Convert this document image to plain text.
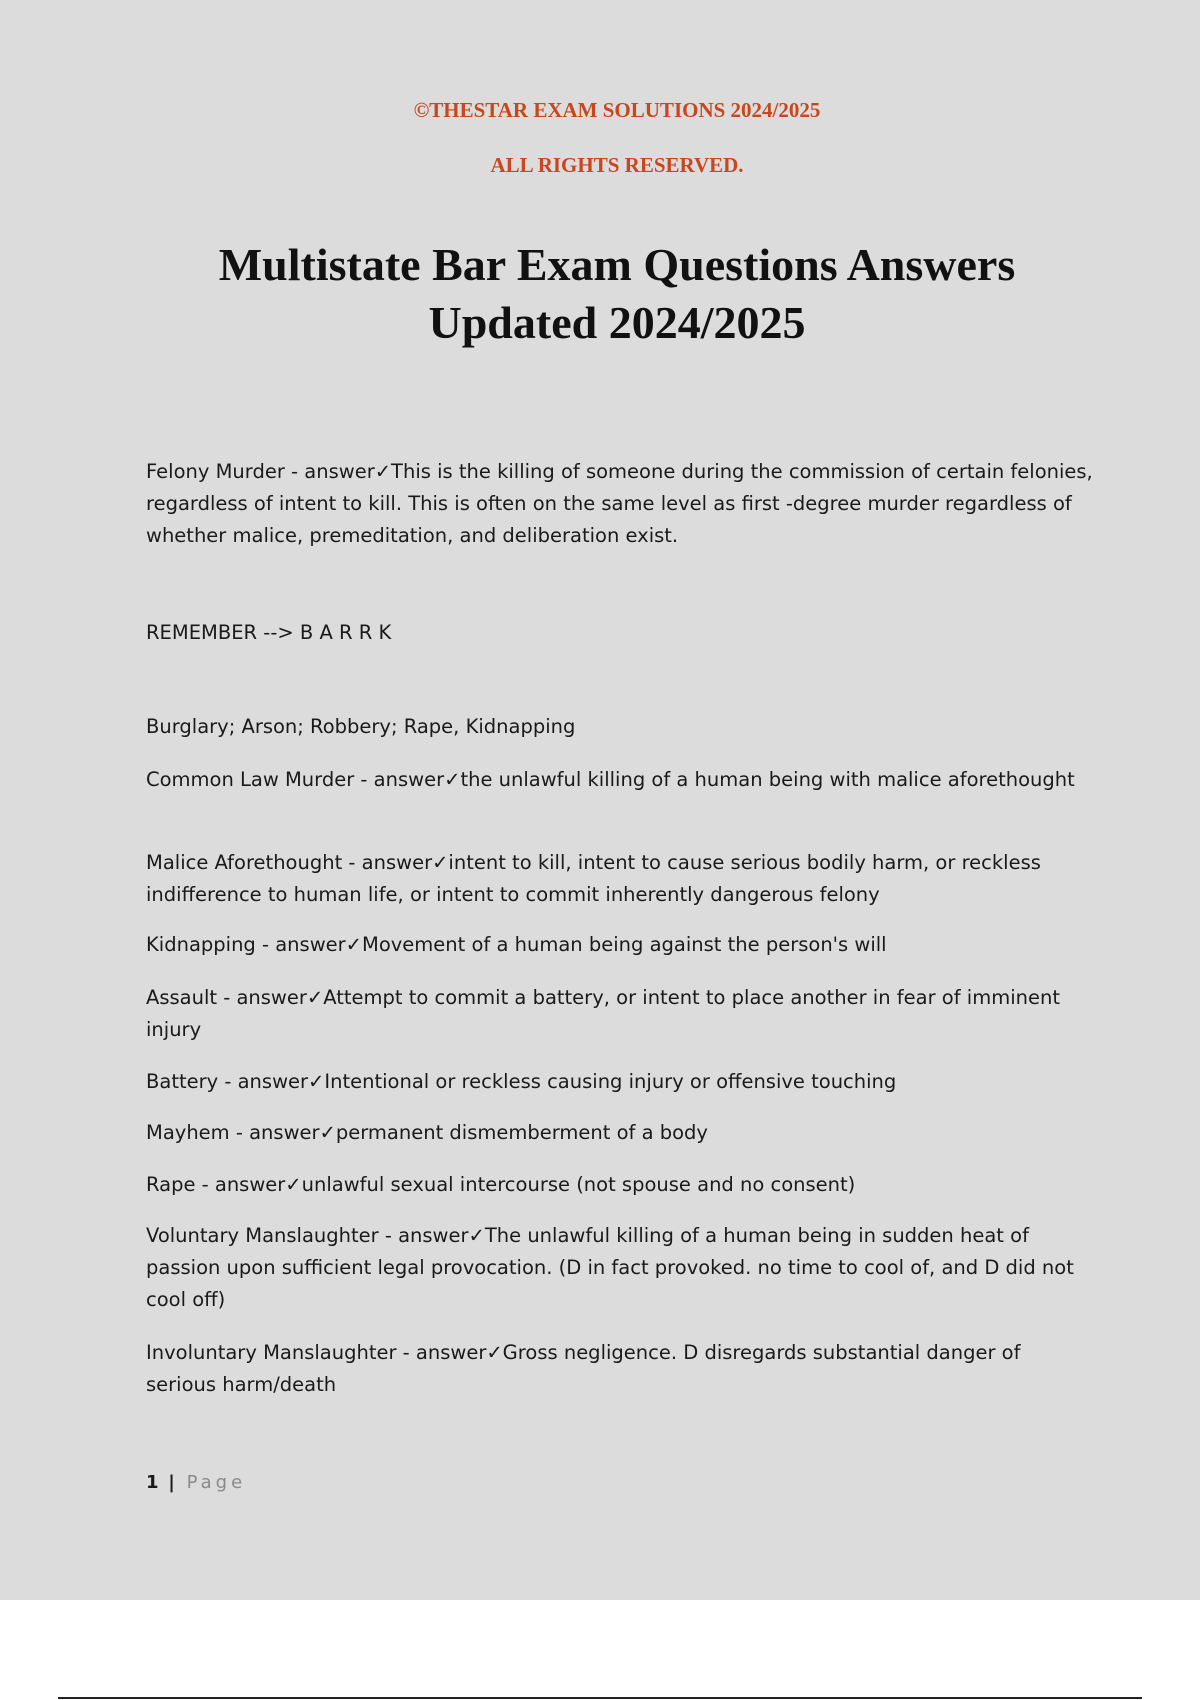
©THESTAR EXAM SOLUTIONS 2024/2025

ALL RIGHTS RESERVED.

Multistate Bar Exam Questions Answers
Updated 2024/2025

Felony Murder - answer✓This is the killing of someone during the commission of certain felonies, regardless of intent to kill. This is often on the same level as first -degree murder regardless of whether malice, premeditation, and deliberation exist.

REMEMBER --> B A R R K

Burglary; Arson; Robbery; Rape, Kidnapping

Common Law Murder - answer✓the unlawful killing of a human being with malice aforethought

Malice Aforethought - answer✓intent to kill, intent to cause serious bodily harm, or reckless indifference to human life, or intent to commit inherently dangerous felony

Kidnapping - answer✓Movement of a human being against the person's will

Assault - answer✓Attempt to commit a battery, or intent to place another in fear of imminent injury

Battery - answer✓Intentional or reckless causing injury or offensive touching

Mayhem - answer✓permanent dismemberment of a body

Rape - answer✓unlawful sexual intercourse (not spouse and no consent)

Voluntary Manslaughter - answer✓The unlawful killing of a human being in sudden heat of passion upon sufficient legal provocation. (D in fact provoked. no time to cool of, and D did not cool off)

Involuntary Manslaughter - answer✓Gross negligence. D disregards substantial danger of serious harm/death

1 | Page
